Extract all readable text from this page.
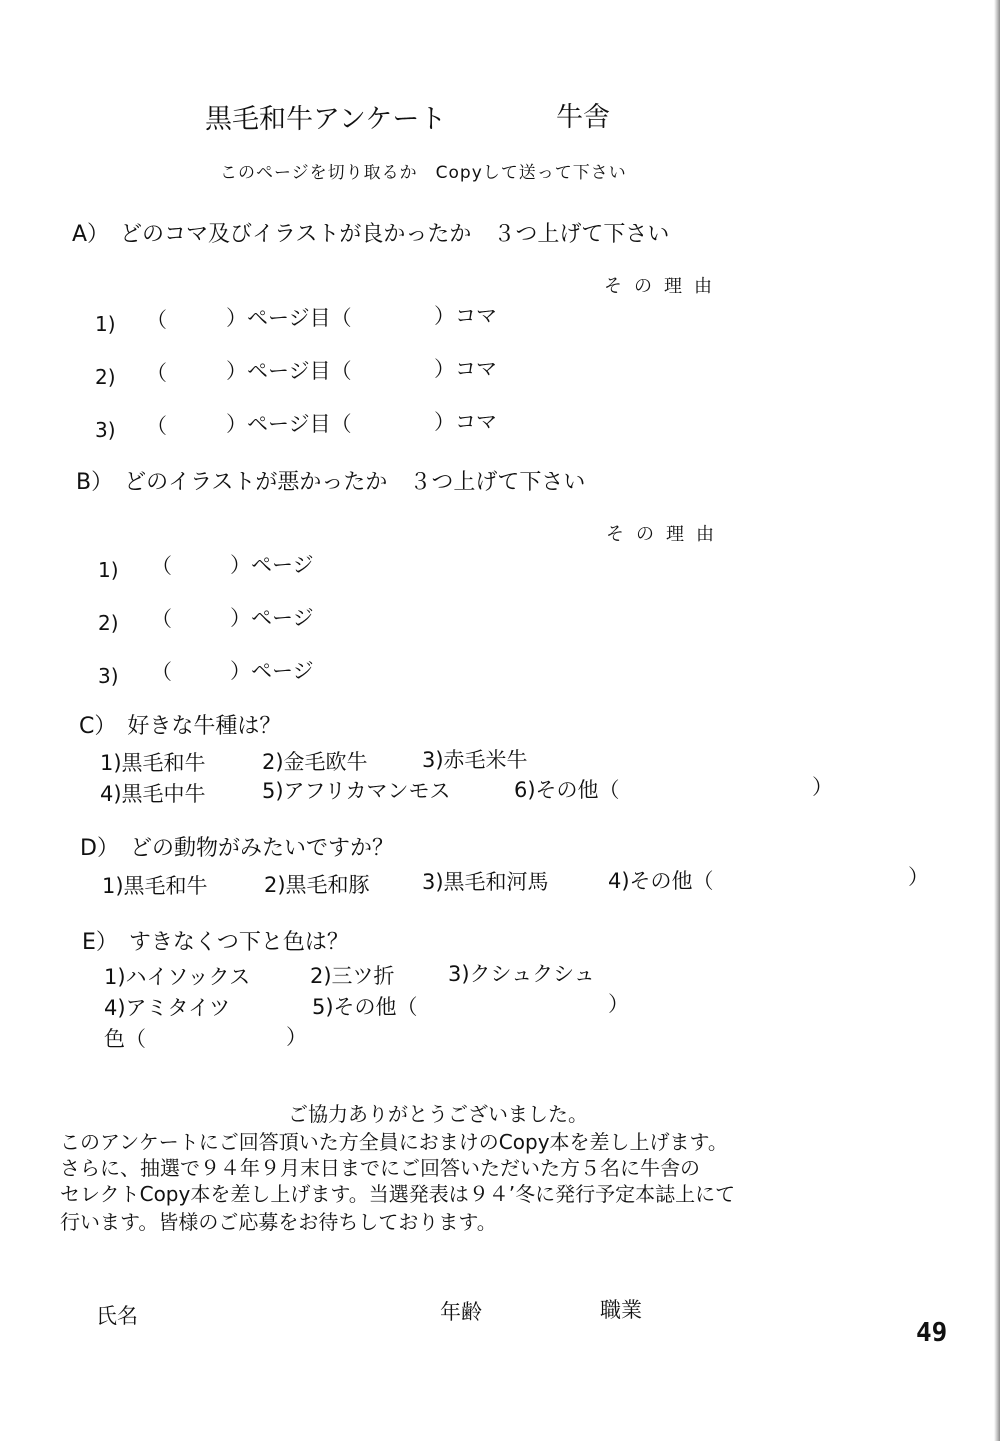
黒毛和牛アンケート	牛舎
このページを切り取るか　Copyして送って下さい
A）　どのコマ及びイラストが良かったか　３つ上げて下さい
その理由
1) （	）ページ目（	）コマ
2) （	）ページ目（	）コマ
3) （	）ページ目（	）コマ
B）　どのイラストが悪かったか　３つ上げて下さい
その理由
1) （	）ページ
2) （	）ページ
3) （	）ページ
C）　好きな牛種は？
1)黒毛和牛	2)金毛欧牛	3)赤毛米牛
4)黒毛中牛	5)アフリカマンモス	6)その他（	）
D）　どの動物がみたいですか？
1)黒毛和牛	2)黒毛和豚 3)黒毛和河馬	4)その他（	）
E）　すきなくつ下と色は？
1)ハイソックス	2)三ツ折	3)クシュクシュ
4)アミタイツ	5)その他（	）
色（	）
ご協力ありがとうございました。
このアンケートにご回答頂いた方全員におまけのCopy本を差し上げます。
さらに、抽選で９４年９月末日までにご回答いただいた方５名に牛舎の
セレクトCopy本を差し上げます。当選発表は９４’冬に発行予定本誌上にて
行います。皆様のご応募をお待ちしております。
氏名	年齢	職業
49
